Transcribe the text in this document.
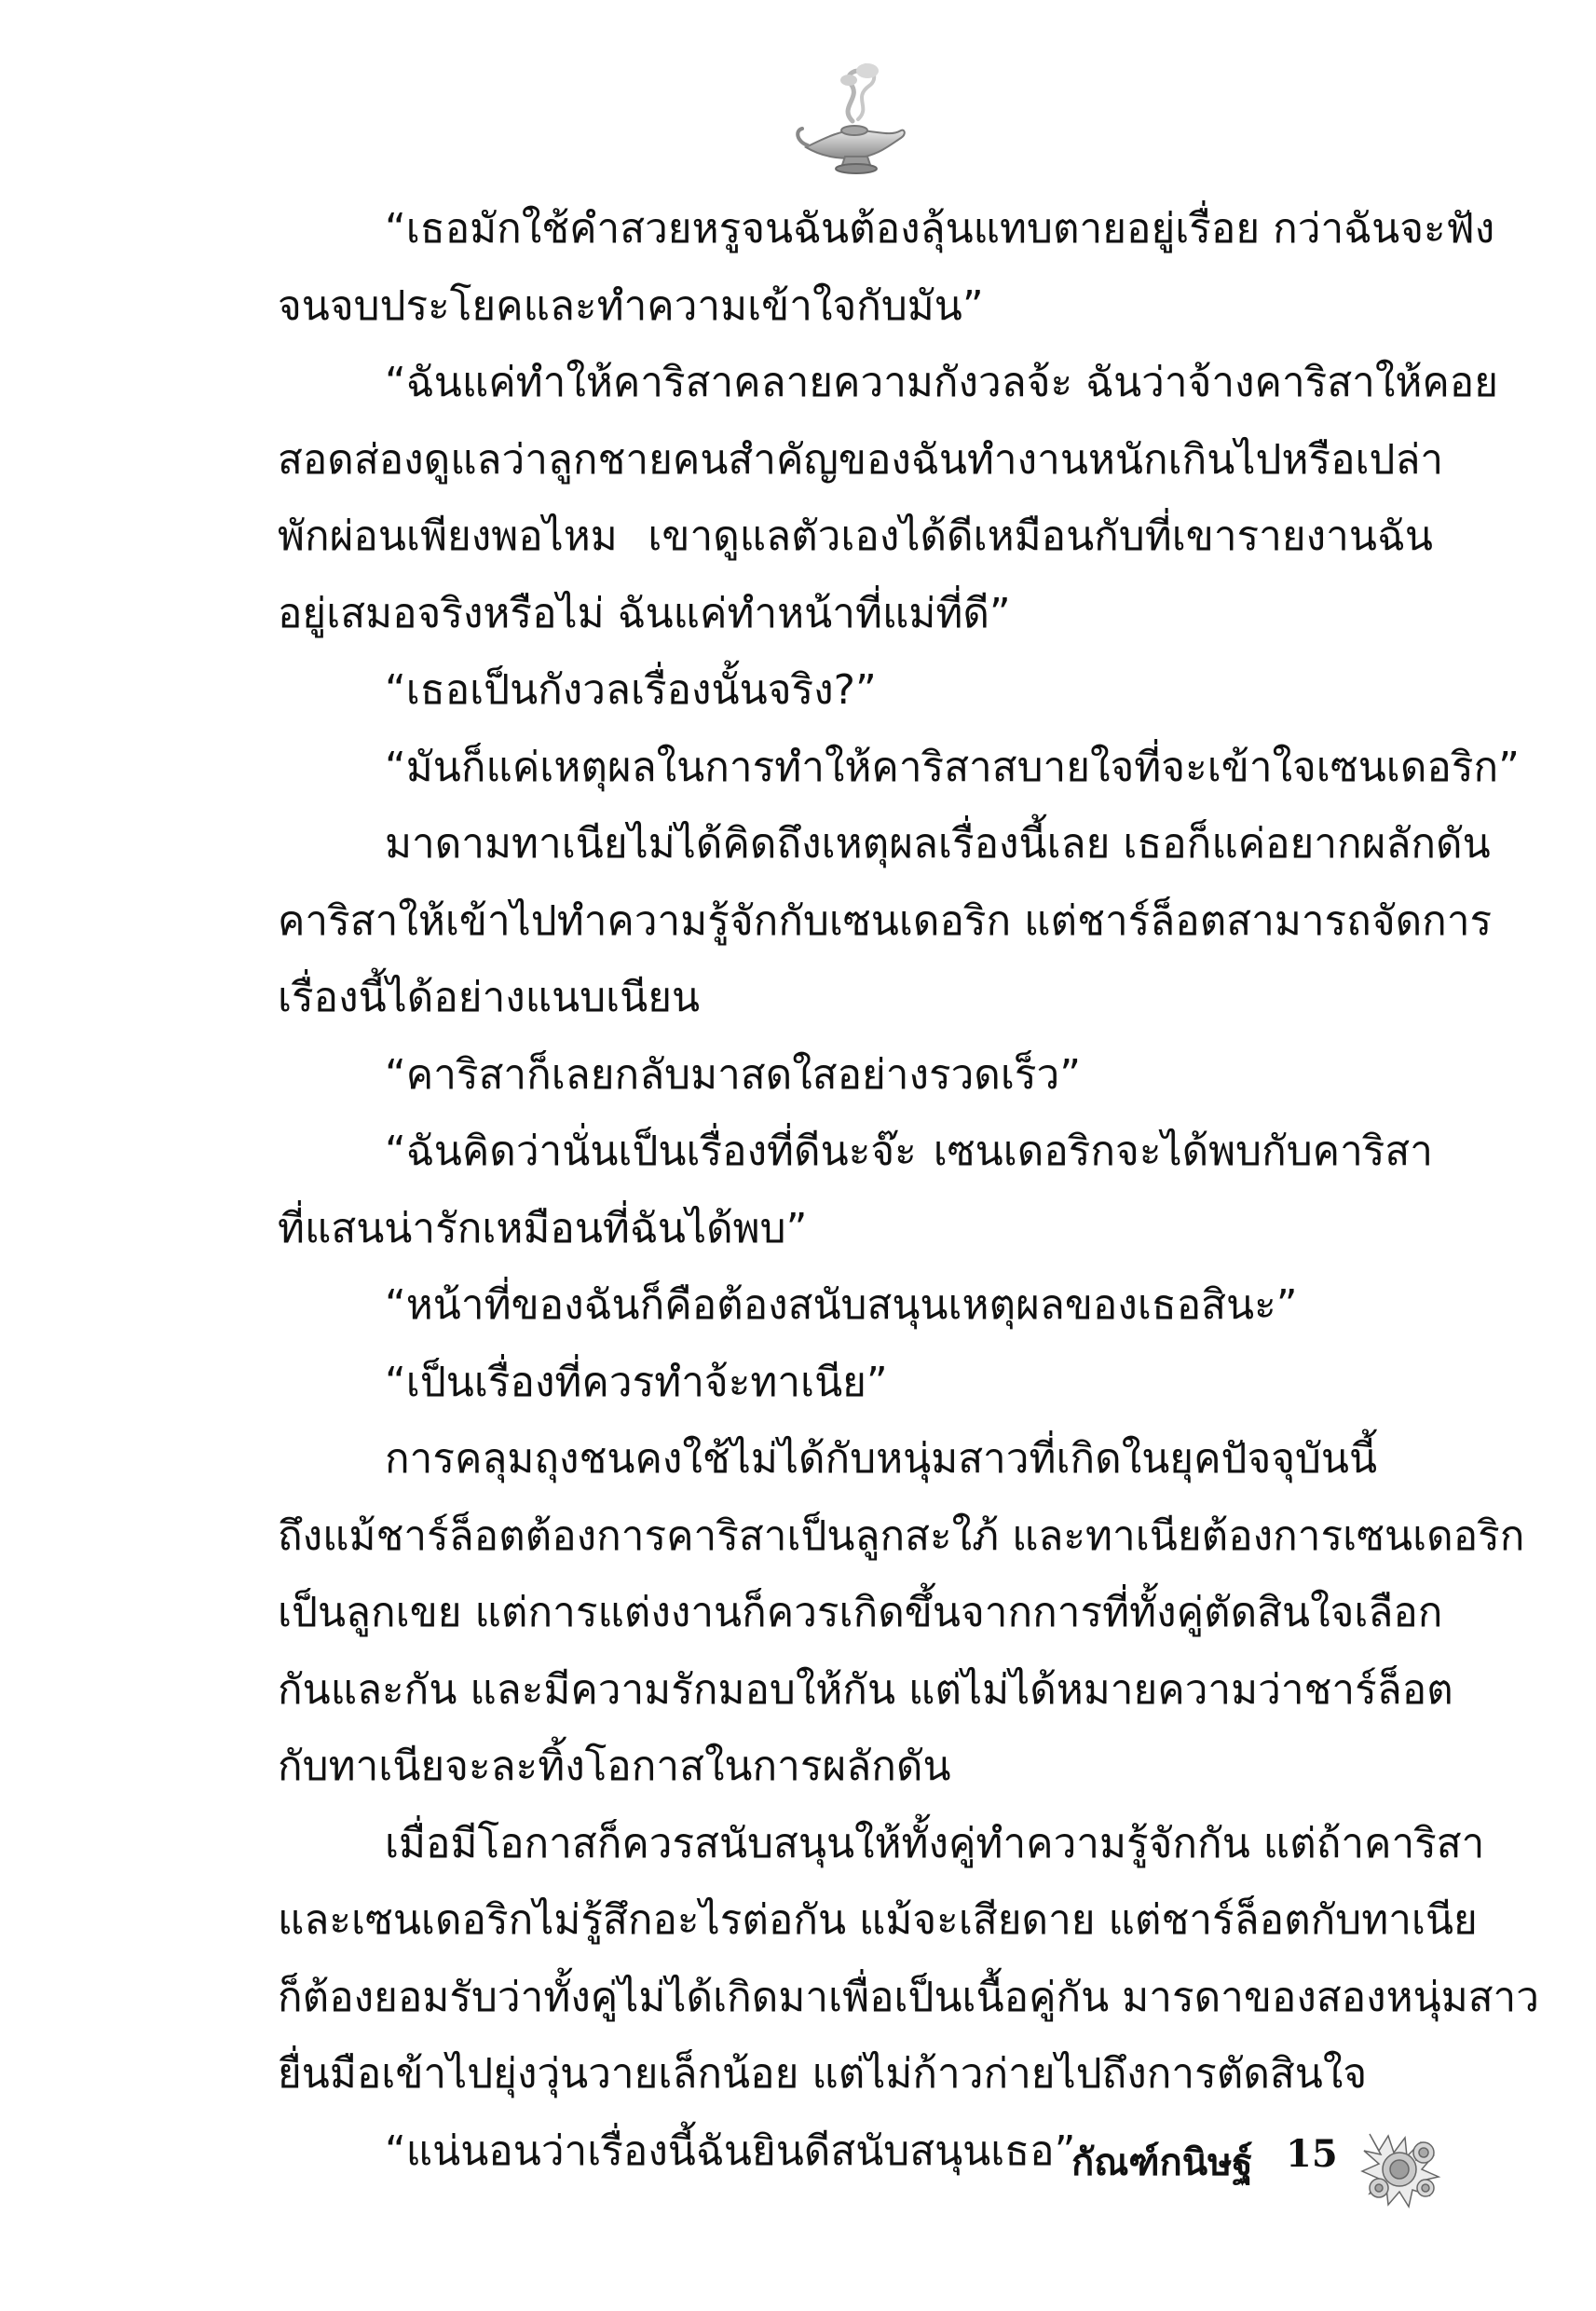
“เธอมักใช้คำสวยหรูจนฉันต้องลุ้นแทบตายอยู่เรื่อย กว่าฉันจะฟัง
จนจบประโยคและทำความเข้าใจกับมัน”
“ฉันแค่ทำให้คาริสาคลายความกังวลจ้ะ ฉันว่าจ้างคาริสาให้คอย
สอดส่องดูแลว่าลูกชายคนสำคัญของฉันทำงานหนักเกินไปหรือเปล่า
พักผ่อนเพียงพอไหม เขาดูแลตัวเองได้ดีเหมือนกับที่เขารายงานฉัน
อยู่เสมอจริงหรือไม่ ฉันแค่ทำหน้าที่แม่ที่ดี”
“เธอเป็นกังวลเรื่องนั้นจริง?”
“มันก็แค่เหตุผลในการทำให้คาริสาสบายใจที่จะเข้าใจเซนเดอริก”
มาดามทาเนียไม่ได้คิดถึงเหตุผลเรื่องนี้เลย เธอก็แค่อยากผลักดัน
คาริสาให้เข้าไปทำความรู้จักกับเซนเดอริก แต่ชาร์ล็อตสามารถจัดการ
เรื่องนี้ได้อย่างแนบเนียน
“คาริสาก็เลยกลับมาสดใสอย่างรวดเร็ว”
“ฉันคิดว่านั่นเป็นเรื่องที่ดีนะจ๊ะ เซนเดอริกจะได้พบกับคาริสา
ที่แสนน่ารักเหมือนที่ฉันได้พบ”
“หน้าที่ของฉันก็คือต้องสนับสนุนเหตุผลของเธอสินะ”
“เป็นเรื่องที่ควรทำจ้ะทาเนีย”
การคลุมถุงชนคงใช้ไม่ได้กับหนุ่มสาวที่เกิดในยุคปัจจุบันนี้
ถึงแม้ชาร์ล็อตต้องการคาริสาเป็นลูกสะใภ้ และทาเนียต้องการเซนเดอริก
เป็นลูกเขย แต่การแต่งงานก็ควรเกิดขึ้นจากการที่ทั้งคู่ตัดสินใจเลือก
กันและกัน และมีความรักมอบให้กัน แต่ไม่ได้หมายความว่าชาร์ล็อต
กับทาเนียจะละทิ้งโอกาสในการผลักดัน
เมื่อมีโอกาสก็ควรสนับสนุนให้ทั้งคู่ทำความรู้จักกัน แต่ถ้าคาริสา
และเซนเดอริกไม่รู้สึกอะไรต่อกัน แม้จะเสียดาย แต่ชาร์ล็อตกับทาเนีย
ก็ต้องยอมรับว่าทั้งคู่ไม่ได้เกิดมาเพื่อเป็นเนื้อคู่กัน มารดาของสองหนุ่มสาว
ยื่นมือเข้าไปยุ่งวุ่นวายเล็กน้อย แต่ไม่ก้าวก่ายไปถึงการตัดสินใจ
“แน่นอนว่าเรื่องนี้ฉันยินดีสนับสนุนเธอ”
กัณฑ์กนิษฐ์ 15
